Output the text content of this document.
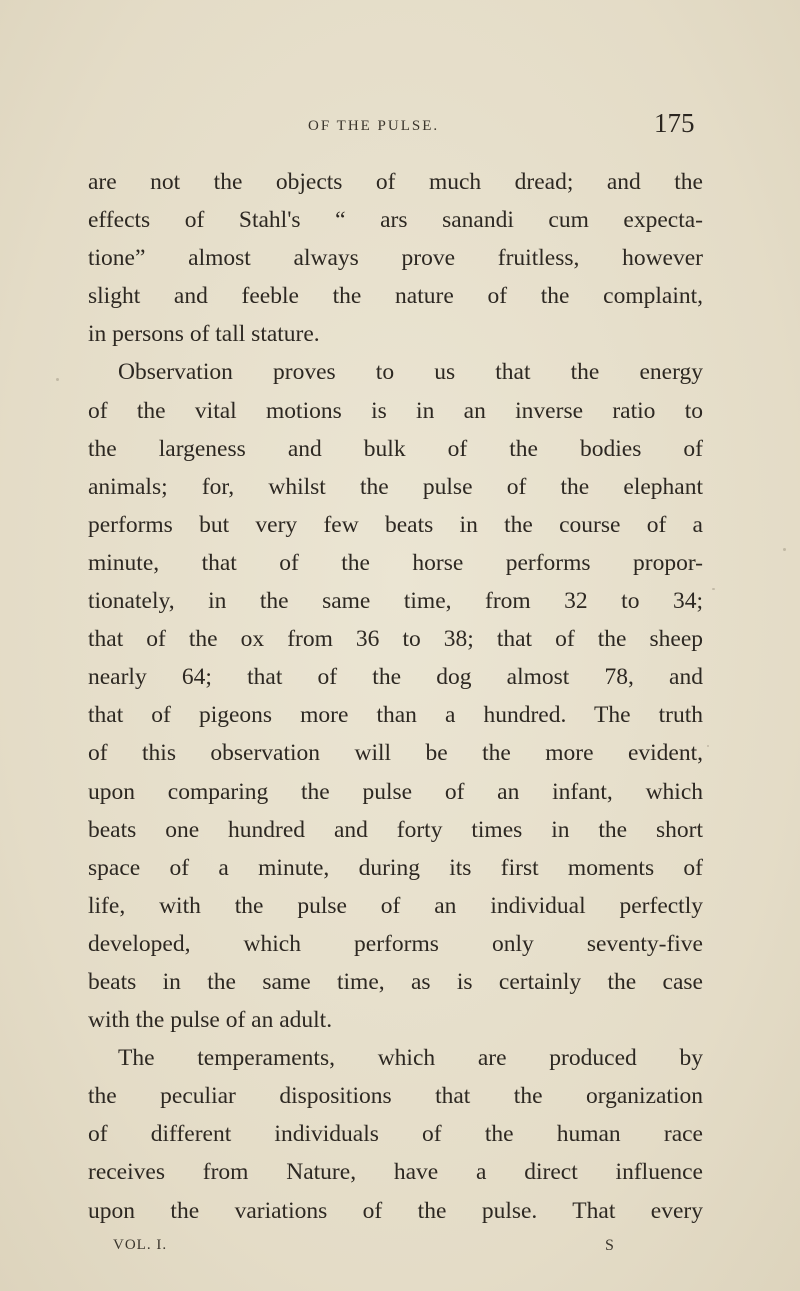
OF THE PULSE.	175
are not the objects of much dread; and the
effects of Stahl's “ ars sanandi cum expecta-
tione” almost always prove fruitless, however
slight and feeble the nature of the complaint,
in persons of tall stature.
Observation proves to us that the energy
of the vital motions is in an inverse ratio to
the largeness and bulk of the bodies of
animals; for, whilst the pulse of the elephant
performs but very few beats in the course of a
minute, that of the horse performs propor-
tionately, in the same time, from 32 to 34;
that of the ox from 36 to 38; that of the sheep
nearly 64; that of the dog almost 78, and
that of pigeons more than a hundred. The truth
of this observation will be the more evident,
upon comparing the pulse of an infant, which
beats one hundred and forty times in the short
space of a minute, during its first moments of
life, with the pulse of an individual perfectly
developed, which performs only seventy-five
beats in the same time, as is certainly the case
with the pulse of an adult.
The temperaments, which are produced by
the peculiar dispositions that the organization
of different individuals of the human race
receives from Nature, have a direct influence
upon the variations of the pulse. That every
VOL. I.	S
